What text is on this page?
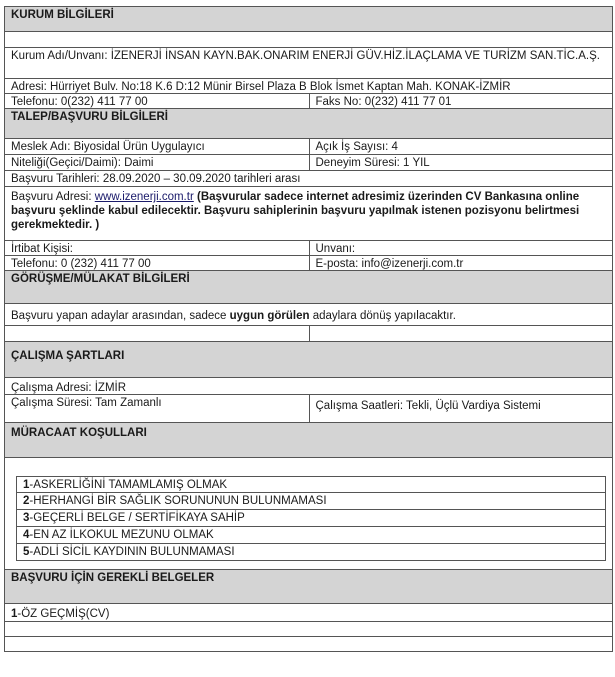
KURUM BİLGİLERİ
Kurum Adı/Unvanı: İZENERJİ İNSAN KAYN.BAK.ONARIM ENERJİ GÜV.HİZ.İLAÇLAMA VE TURİZM SAN.TİC.A.Ş.
Adresi: Hürriyet Bulv. No:18 K.6 D:12 Münir Birsel Plaza B Blok İsmet Kaptan Mah. KONAK-İZMİR
Telefonu: 0(232) 411 77 00	Faks No: 0(232) 411 77 01
TALEP/BAŞVURU BİLGİLERİ
Meslek Adı: Biyosidal Ürün Uygulayıcı	Açık İş Sayısı: 4
Niteliği(Geçici/Daimi): Daimi	Deneyim Süresi: 1 YIL
Başvuru Tarihleri: 28.09.2020 – 30.09.2020 tarihleri arası
Başvuru Adresi: www.izenerji.com.tr (Başvurular sadece internet adresimiz üzerinden CV Bankasına online başvuru şeklinde kabul edilecektir. Başvuru sahiplerinin başvuru yapılmak istenen pozisyonu belirtmesi gerekmektedir. )
İrtibat Kişisi:	Unvanı:
Telefonu: 0 (232) 411 77 00	E-posta: info@izenerji.com.tr
GÖRÜŞME/MÜLAKAT BİLGİLERİ
Başvuru yapan adaylar arasından, sadece uygun görülen adaylara dönüş yapılacaktır.
ÇALIŞMA ŞARTLARI
Çalışma Adresi: İZMİR
Çalışma Süresi: Tam Zamanlı	Çalışma Saatleri: Tekli, Üçlü Vardiya Sistemi
MÜRACAAT KOŞULLARI
1-ASKERLİĞİNİ TAMAMLAMIŞ OLMAK
2-HERHANGİ BİR SAĞLIK SORUNUNUN BULUNMAMASI
3-GEÇERLİ BELGE / SERTİFİKAYA SAHİP
4-EN AZ İLKOKUL MEZUNU OLMAK
5-ADLİ SİCİL KAYDININ BULUNMAMASI
BAŞVURU İÇİN GEREKLİ BELGELER
1-ÖZ GEÇMİŞ(CV)
